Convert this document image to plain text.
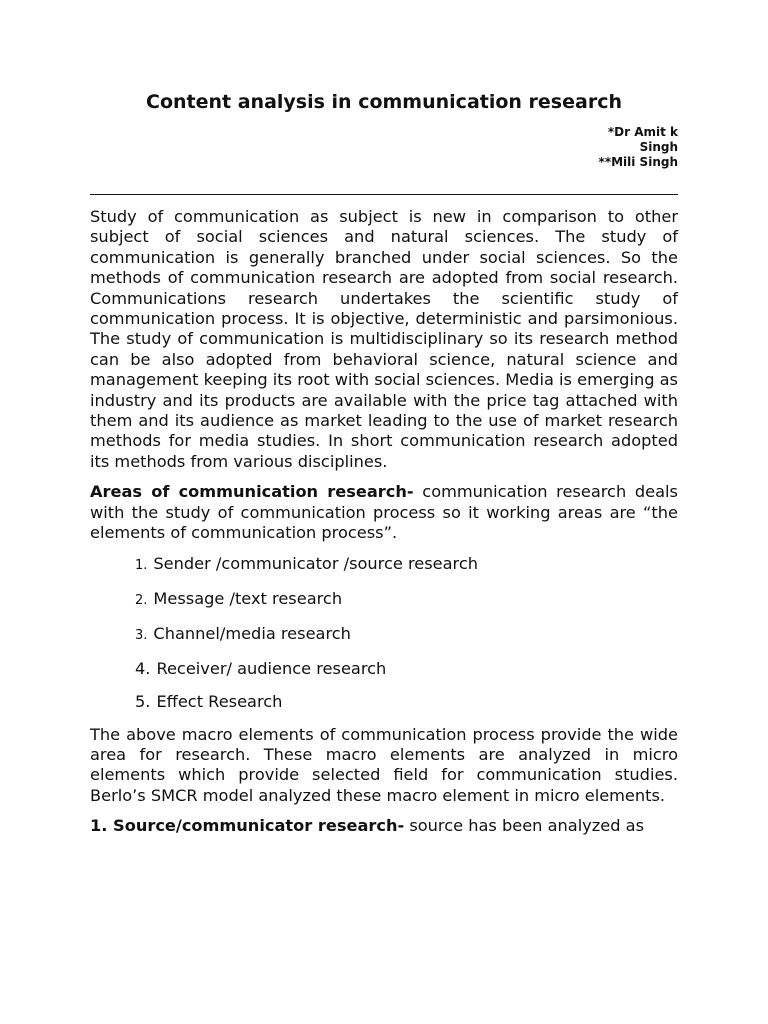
Content analysis in communication research
*Dr Amit k
Singh
**Mili Singh

Study of communication as subject is new in comparison to other subject of social sciences and natural sciences. The study of communication is generally branched under social sciences. So the methods of communication research are adopted from social research. Communications research undertakes the scientific study of communication process. It is objective, deterministic and parsimonious. The study of communication is multidisciplinary so its research method can be also adopted from behavioral science, natural science and management keeping its root with social sciences. Media is emerging as industry and its products are available with the price tag attached with them and its audience as market leading to the use of market research methods for media studies. In short communication research adopted its methods from various disciplines.

Areas of communication research- communication research deals with the study of communication process so it working areas are “the elements of communication process”.

1. Sender /communicator /source research
2. Message /text research
3. Channel/media research
4. Receiver/ audience research
5. Effect Research

The above macro elements of communication process provide the wide area for research. These macro elements are analyzed in micro elements which provide selected field for communication studies. Berlo’s SMCR model analyzed these macro element in micro elements.

1. Source/communicator research- source has been analyzed as
